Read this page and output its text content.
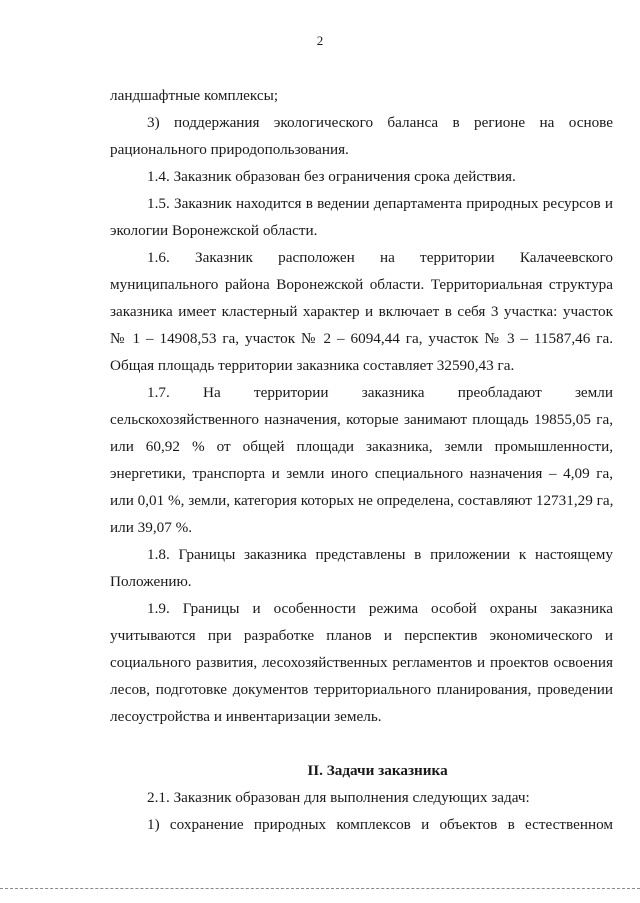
2
ландшафтные комплексы;
3) поддержания экологического баланса в регионе на основе
рационального природопользования.
1.4. Заказник образован без ограничения срока действия.
1.5. Заказник находится в ведении департамента природных ресурсов и
экологии Воронежской области.
1.6. Заказник расположен на территории Калачеевского
муниципального района Воронежской области. Территориальная структура
заказника имеет кластерный характер и включает в себя 3 участка: участок
№ 1 – 14908,53 га, участок № 2 – 6094,44 га, участок № 3 – 11587,46 га.
Общая площадь территории заказника составляет 32590,43 га.
1.7. На территории заказника преобладают земли
сельскохозяйственного назначения, которые занимают площадь 19855,05 га,
или 60,92 % от общей площади заказника, земли промышленности,
энергетики, транспорта и земли иного специального назначения – 4,09 га,
или 0,01 %, земли, категория которых не определена, составляют 12731,29 га,
или 39,07 %.
1.8. Границы заказника представлены в приложении к настоящему
Положению.
1.9. Границы и особенности режима особой охраны заказника
учитываются при разработке планов и перспектив экономического и
социального развития, лесохозяйственных регламентов и проектов освоения
лесов, подготовке документов территориального планирования, проведении
лесоустройства и инвентаризации земель.
II. Задачи заказника
2.1. Заказник образован для выполнения следующих задач:
1) сохранение природных комплексов и объектов в естественном
